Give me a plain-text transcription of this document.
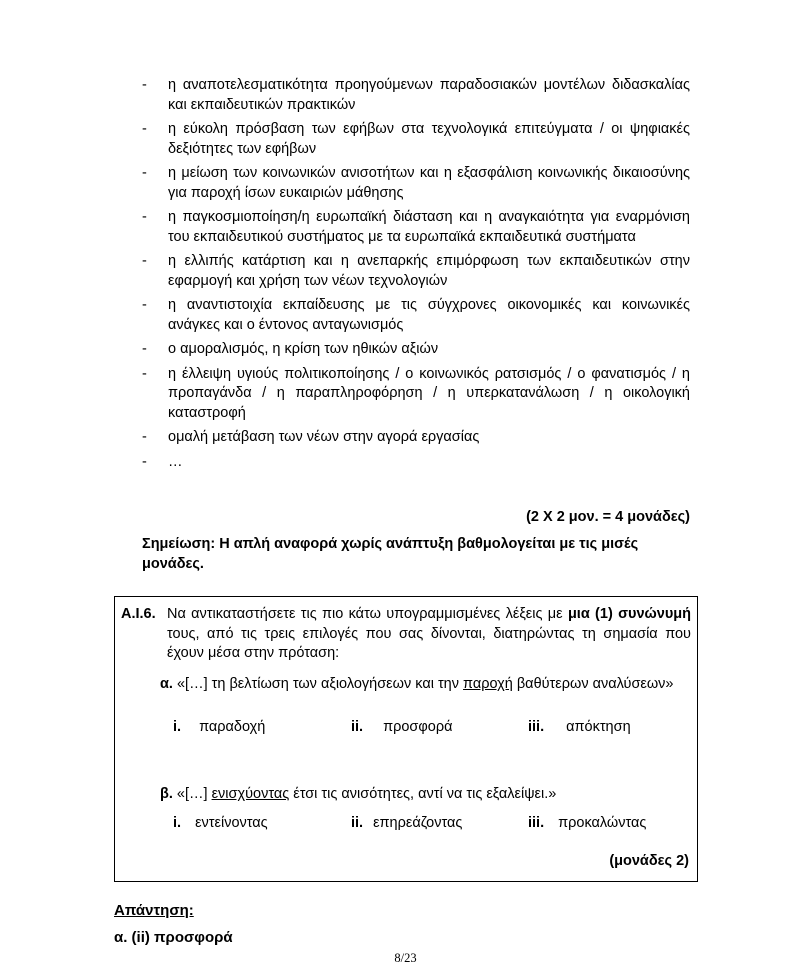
- η αναποτελεσματικότητα προηγούμενων παραδοσιακών μοντέλων διδασκαλίας και εκπαιδευτικών πρακτικών
- η εύκολη πρόσβαση των εφήβων στα τεχνολογικά επιτεύγματα / οι ψηφιακές δεξιότητες των εφήβων
- η μείωση των κοινωνικών ανισοτήτων και η εξασφάλιση κοινωνικής δικαιοσύνης για παροχή ίσων ευκαιριών μάθησης
- η παγκοσμιοποίηση/η ευρωπαϊκή διάσταση και η αναγκαιότητα για εναρμόνιση του εκπαιδευτικού συστήματος με τα ευρωπαϊκά εκπαιδευτικά συστήματα
- η ελλιπής κατάρτιση και η ανεπαρκής επιμόρφωση των εκπαιδευτικών στην εφαρμογή και χρήση των νέων τεχνολογιών
- η αναντιστοιχία εκπαίδευσης με τις σύγχρονες οικονομικές και κοινωνικές ανάγκες και ο έντονος ανταγωνισμός
- ο αμοραλισμός, η κρίση των ηθικών αξιών
- η έλλειψη υγιούς πολιτικοποίησης / ο κοινωνικός ρατσισμός / ο φανατισμός / η προπαγάνδα / η παραπληροφόρηση / η υπερκατανάλωση / η οικολογική καταστροφή
- ομαλή μετάβαση των νέων στην αγορά εργασίας
- …
(2 Χ 2 μον. = 4 μονάδες)
Σημείωση: Η απλή αναφορά χωρίς ανάπτυξη βαθμολογείται με τις μισές μονάδες.
Α.Ι.6. Να αντικαταστήσετε τις πιο κάτω υπογραμμισμένες λέξεις με μια (1) συνώνυμή τους, από τις τρεις επιλογές που σας δίνονται, διατηρώντας τη σημασία που έχουν μέσα στην πρόταση:
α. «[…] τη βελτίωση των αξιολογήσεων και την παροχή βαθύτερων αναλύσεων»
i. παραδοχή	ii. προσφορά	iii. απόκτηση
β. «[…] ενισχύοντας έτσι τις ανισότητες, αντί να τις εξαλείψει.»
i. εντείνοντας	ii. επηρεάζοντας	iii. προκαλώντας
(μονάδες 2)
Απάντηση:
α. (ii) προσφορά
8/23
